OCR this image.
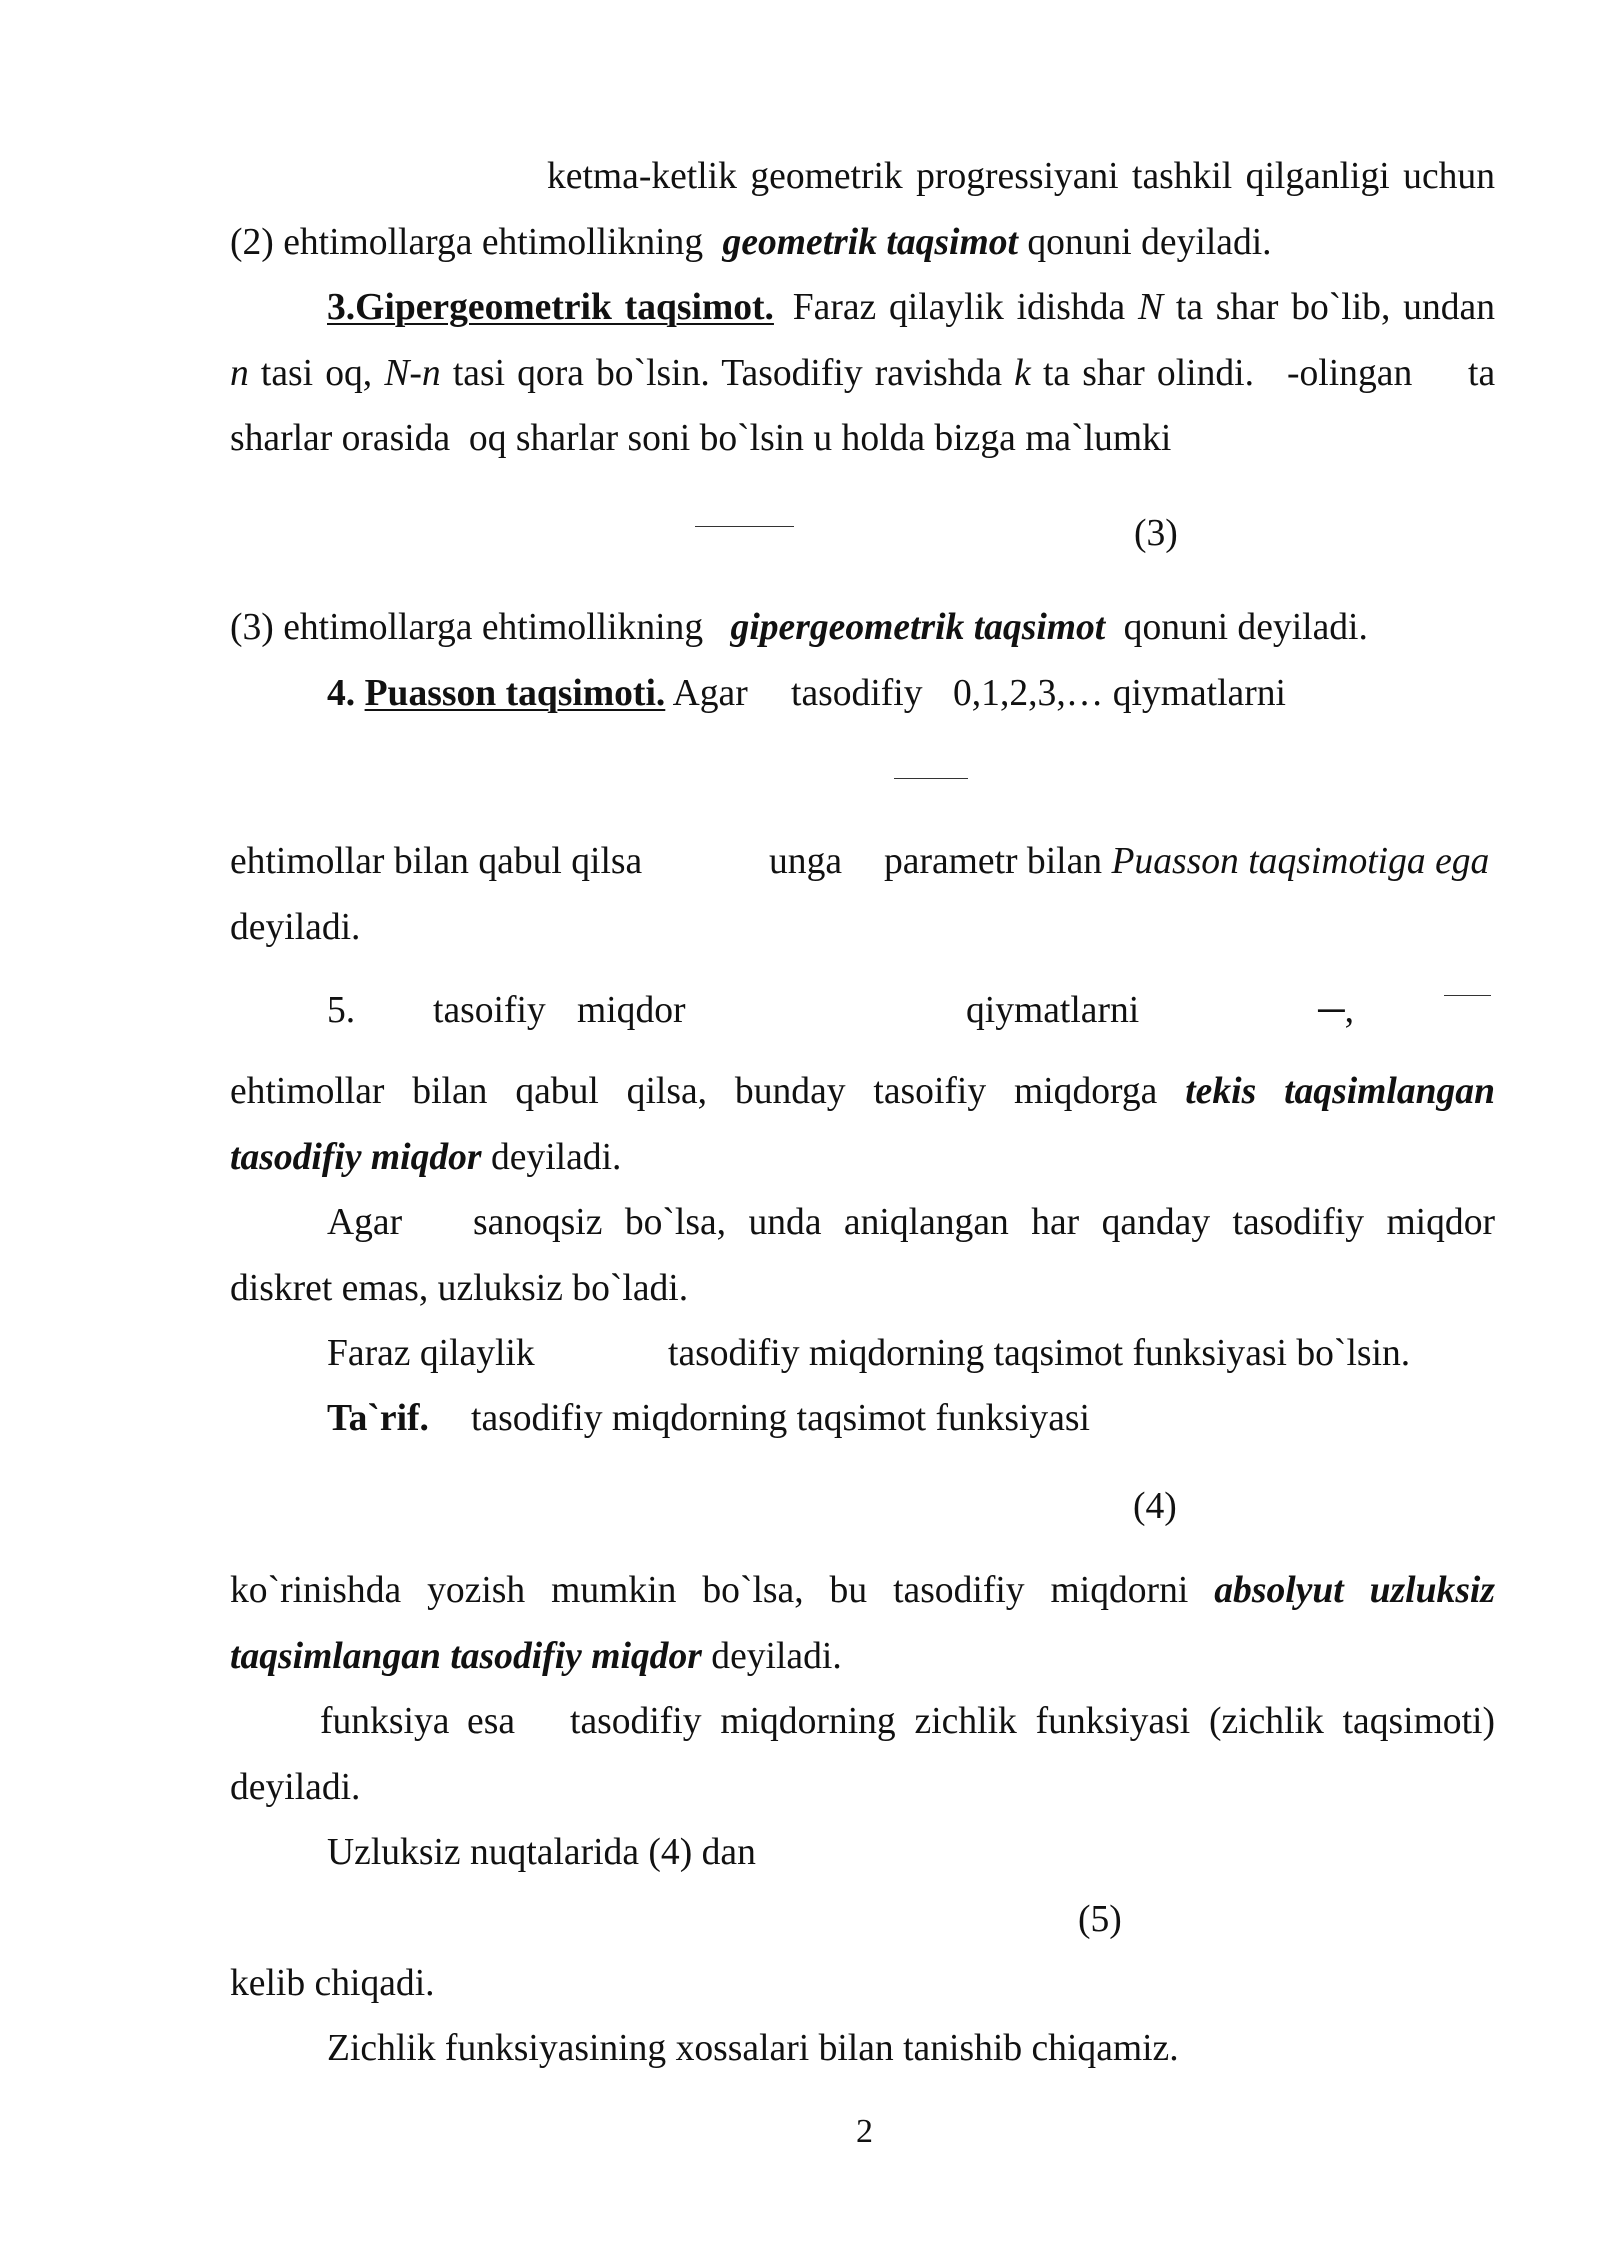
ketma-ketlik geometrik progressiyani tashkil qilganligi uchun
(2) ehtimollarga ehtimollikning geometrik taqsimot qonuni deyiladi.
3.Gipergeometrik taqsimot. Faraz qilaylik idishda N ta shar bo`lib, undan
n tasi oq, N-n tasi qora bo`lsin. Tasodifiy ravishda k ta shar olindi. -olingan ta
sharlar orasida  oq sharlar soni bo`lsin u holda bizga ma`lumki
(3)
(3) ehtimollarga ehtimollikning gipergeometrik taqsimot qonuni deyiladi.
4. Puasson taqsimoti. Agar tasodifiy 0,1,2,3,… qiymatlarni
ehtimollar bilan qabul qilsa	unga parametr bilan Puasson taqsimotiga ega
deyiladi.
5. tasoifiy miqdor	qiymatlarni	─,
ehtimollar bilan qabul qilsa, bunday tasoifiy miqdorga tekis taqsimlangan
tasodifiy miqdor deyiladi.
Agar sanoqsiz bo`lsa, unda aniqlangan har qanday tasodifiy miqdor
diskret emas, uzluksiz bo`ladi.
Faraz qilaylik	tasodifiy miqdorning taqsimot funksiyasi bo`lsin.
Ta`rif. tasodifiy miqdorning taqsimot funksiyasi
(4)
ko`rinishda yozish mumkin bo`lsa, bu tasodifiy miqdorni absolyut uzluksiz
taqsimlangan tasodifiy miqdor deyiladi.
funksiya esa tasodifiy miqdorning zichlik funksiyasi (zichlik taqsimoti)
deyiladi.
Uzluksiz nuqtalarida (4) dan
(5)
kelib chiqadi.
Zichlik funksiyasining xossalari bilan tanishib chiqamiz.
2
